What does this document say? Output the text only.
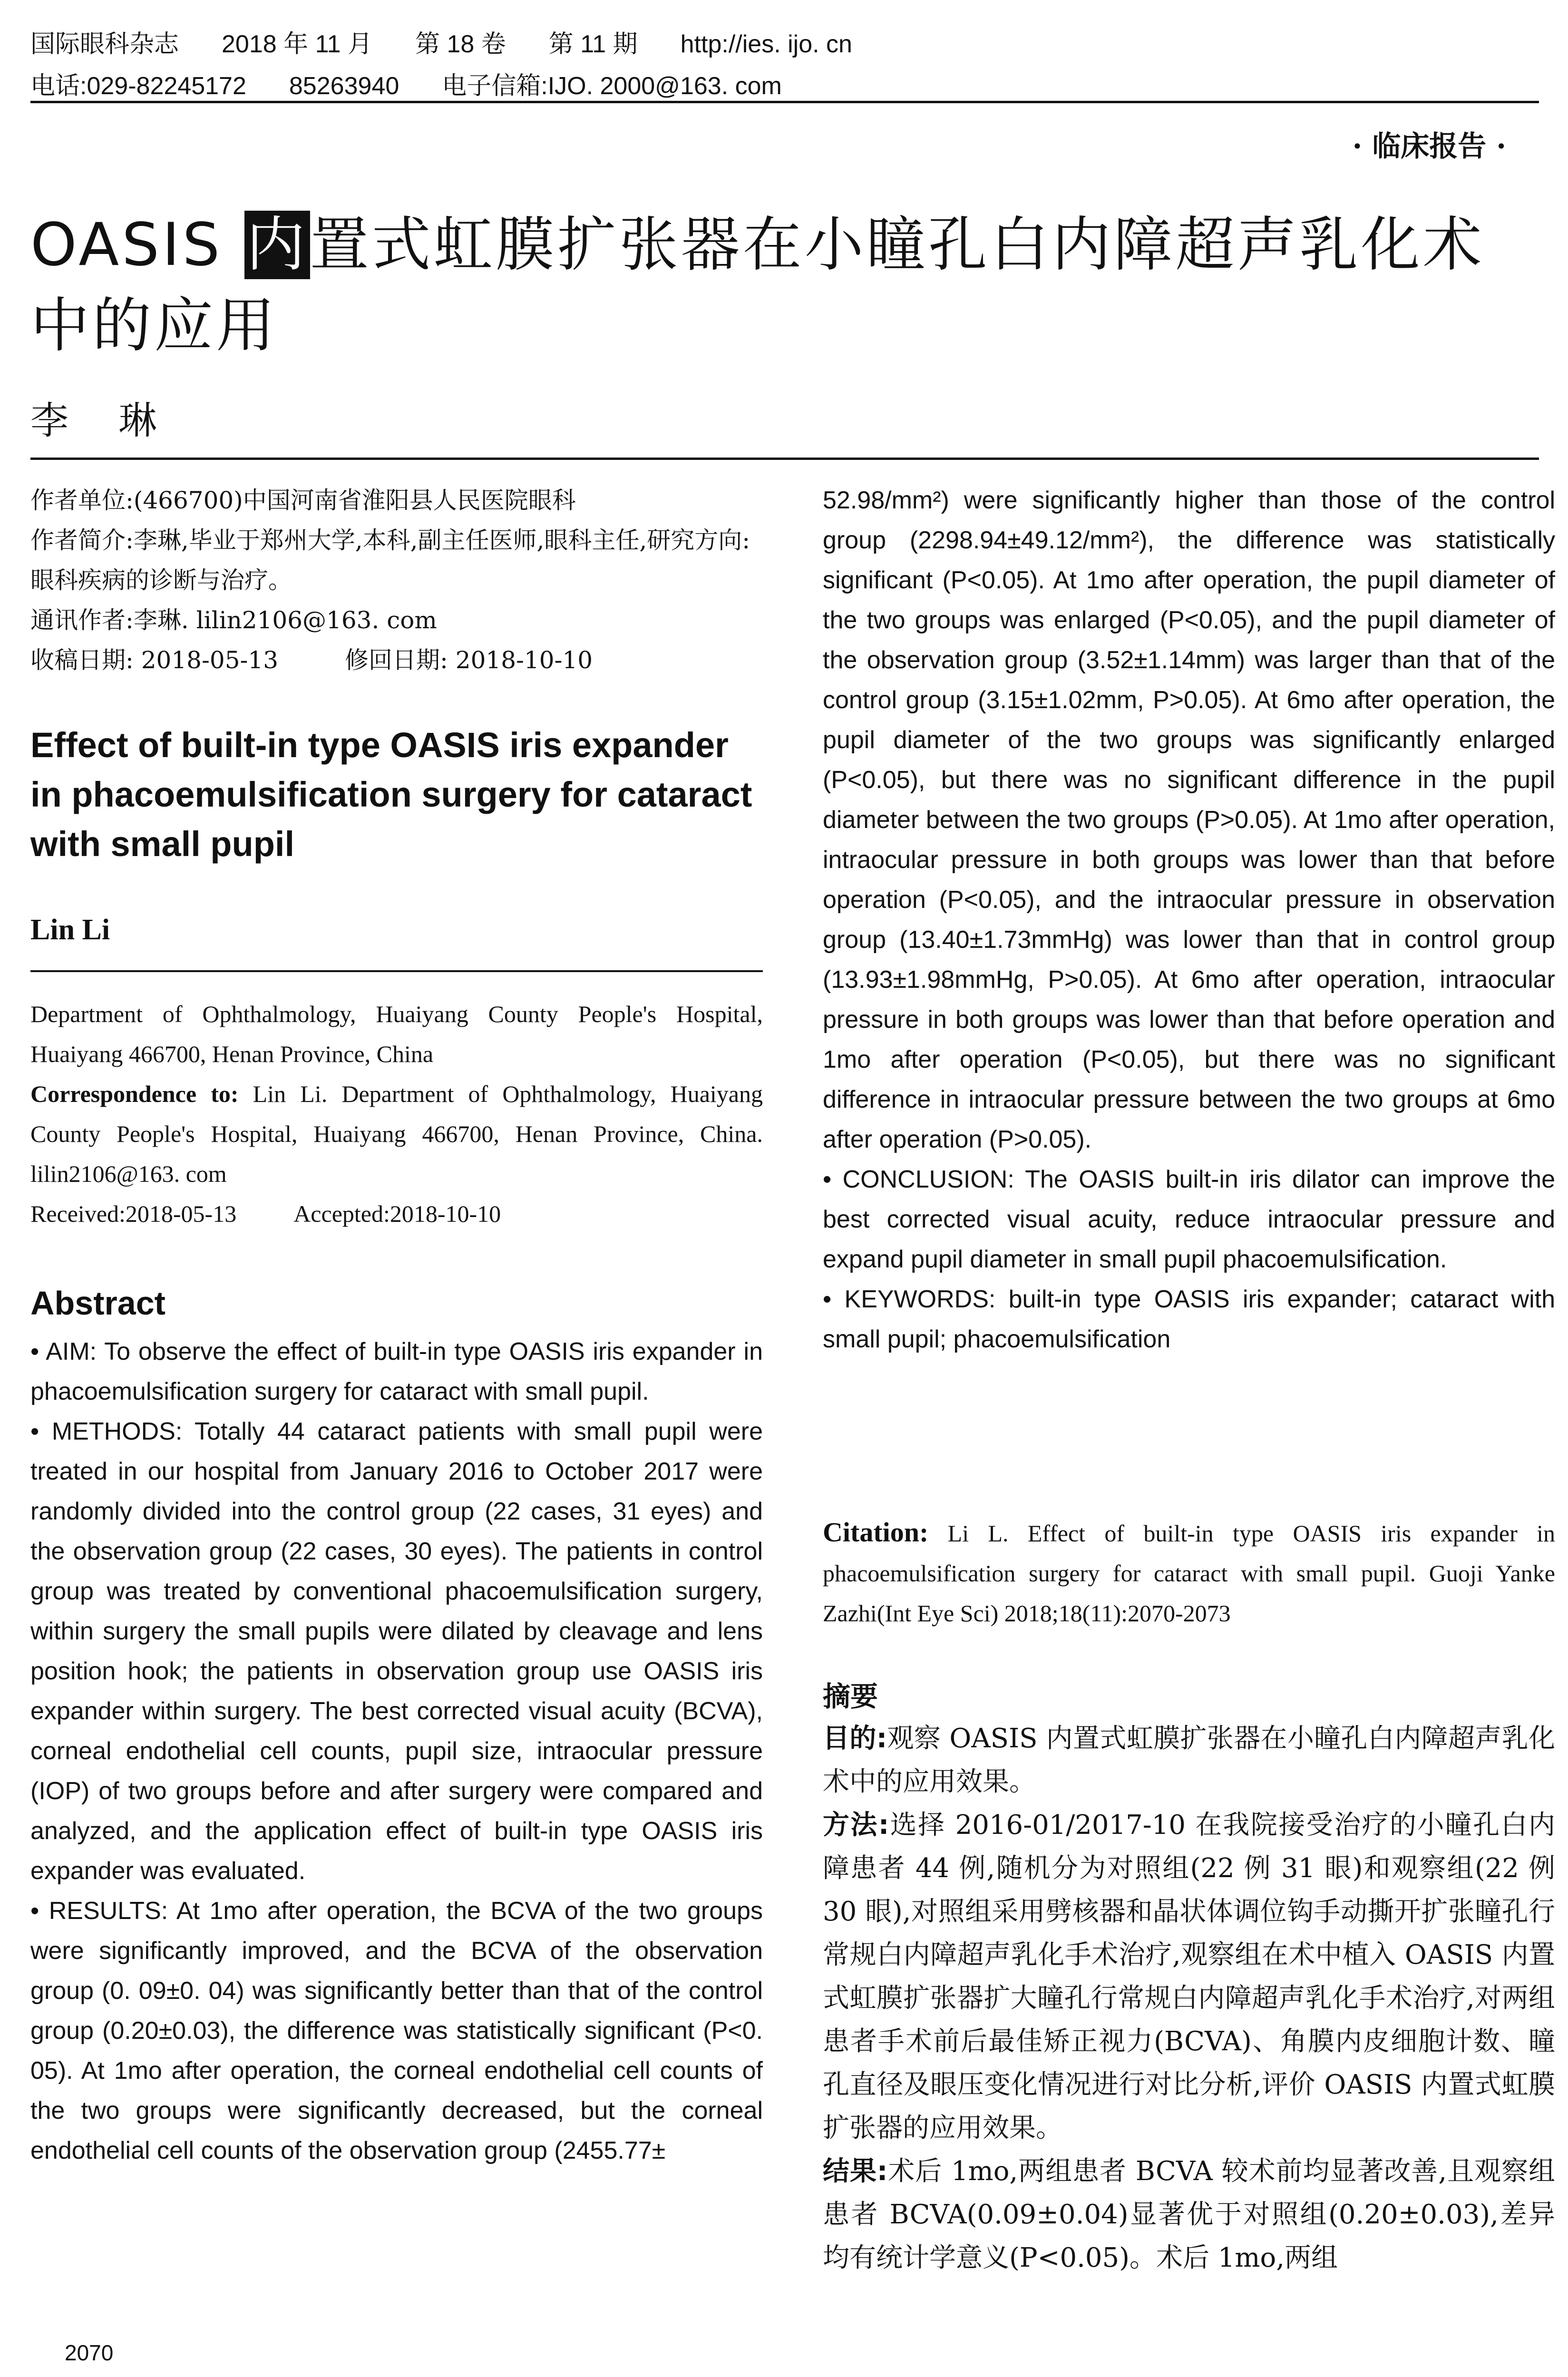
国际眼科杂志 2018 年 11 月 第 18 卷 第 11 期 http://ies. ijo. cn
电话:029-82245172 85263940 电子信箱:IJO. 2000@163. com
· 临床报告 ·
OASIS 内置式虹膜扩张器在小瞳孔白内障超声乳化术中的应用
李 琳

作者单位:(466700)中国河南省淮阳县人民医院眼科

作者简介:李琳,毕业于郑州大学,本科,副主任医师,眼科主任,研究方向:眼科疾病的诊断与治疗。

通讯作者:李琳. lilin2106@163. com

收稿日期: 2018-05-13	修回日期: 2018-10-10

Effect of built-in type OASIS iris expander in phacoemulsification surgery for cataract with small pupil
Lin Li

Department of Ophthalmology, Huaiyang County People's Hospital, Huaiyang 466700, Henan Province, China

Correspondence to: Lin Li. Department of Ophthalmology, Huaiyang County People's Hospital, Huaiyang 466700, Henan Province, China. lilin2106@163. com

Received:2018-05-13 Accepted:2018-10-10

Abstract

• AIM: To observe the effect of built-in type OASIS iris expander in phacoemulsification surgery for cataract with small pupil.

• METHODS: Totally 44 cataract patients with small pupil were treated in our hospital from January 2016 to October 2017 were randomly divided into the control group (22 cases, 31 eyes) and the observation group (22 cases, 30 eyes). The patients in control group was treated by conventional phacoemulsification surgery, within surgery the small pupils were dilated by cleavage and lens position hook; the patients in observation group use OASIS iris expander within surgery. The best corrected visual acuity (BCVA), corneal endothelial cell counts, pupil size, intraocular pressure (IOP) of two groups before and after surgery were compared and analyzed, and the application effect of built-in type OASIS iris expander was evaluated.

• RESULTS: At 1mo after operation, the BCVA of the two groups were significantly improved, and the BCVA of the observation group (0. 09±0. 04) was significantly better than that of the control group (0.20±0.03), the difference was statistically significant (P<0. 05). At 1mo after operation, the corneal endothelial cell counts of the two groups were significantly decreased, but the corneal endothelial cell counts of the observation group (2455.77±

52.98/mm²) were significantly higher than those of the control group (2298.94±49.12/mm²), the difference was statistically significant (P<0.05). At 1mo after operation, the pupil diameter of the two groups was enlarged (P<0.05), and the pupil diameter of the observation group (3.52±1.14mm) was larger than that of the control group (3.15±1.02mm, P>0.05). At 6mo after operation, the pupil diameter of the two groups was significantly enlarged (P<0.05), but there was no significant difference in the pupil diameter between the two groups (P>0.05). At 1mo after operation, intraocular pressure in both groups was lower than that before operation (P<0.05), and the intraocular pressure in observation group (13.40±1.73mmHg) was lower than that in control group (13.93±1.98mmHg, P>0.05). At 6mo after operation, intraocular pressure in both groups was lower than that before operation and 1mo after operation (P<0.05), but there was no significant difference in intraocular pressure between the two groups at 6mo after operation (P>0.05).

• CONCLUSION: The OASIS built-in iris dilator can improve the best corrected visual acuity, reduce intraocular pressure and expand pupil diameter in small pupil phacoemulsification.

• KEYWORDS: built-in type OASIS iris expander; cataract with small pupil; phacoemulsification

Citation: Li L. Effect of built-in type OASIS iris expander in phacoemulsification surgery for cataract with small pupil. Guoji Yanke Zazhi(Int Eye Sci) 2018;18(11):2070-2073
摘要

目的:观察 OASIS 内置式虹膜扩张器在小瞳孔白内障超声乳化术中的应用效果。

方法:选择 2016-01/2017-10 在我院接受治疗的小瞳孔白内障患者 44 例,随机分为对照组(22 例 31 眼)和观察组(22 例 30 眼),对照组采用劈核器和晶状体调位钩手动撕开扩张瞳孔行常规白内障超声乳化手术治疗,观察组在术中植入 OASIS 内置式虹膜扩张器扩大瞳孔行常规白内障超声乳化手术治疗,对两组患者手术前后最佳矫正视力(BCVA)、角膜内皮细胞计数、瞳孔直径及眼压变化情况进行对比分析,评价 OASIS 内置式虹膜扩张器的应用效果。

结果:术后 1mo,两组患者 BCVA 较术前均显著改善,且观察组患者 BCVA(0.09±0.04)显著优于对照组(0.20±0.03),差异均有统计学意义(P<0.05)。术后 1mo,两组

2070
